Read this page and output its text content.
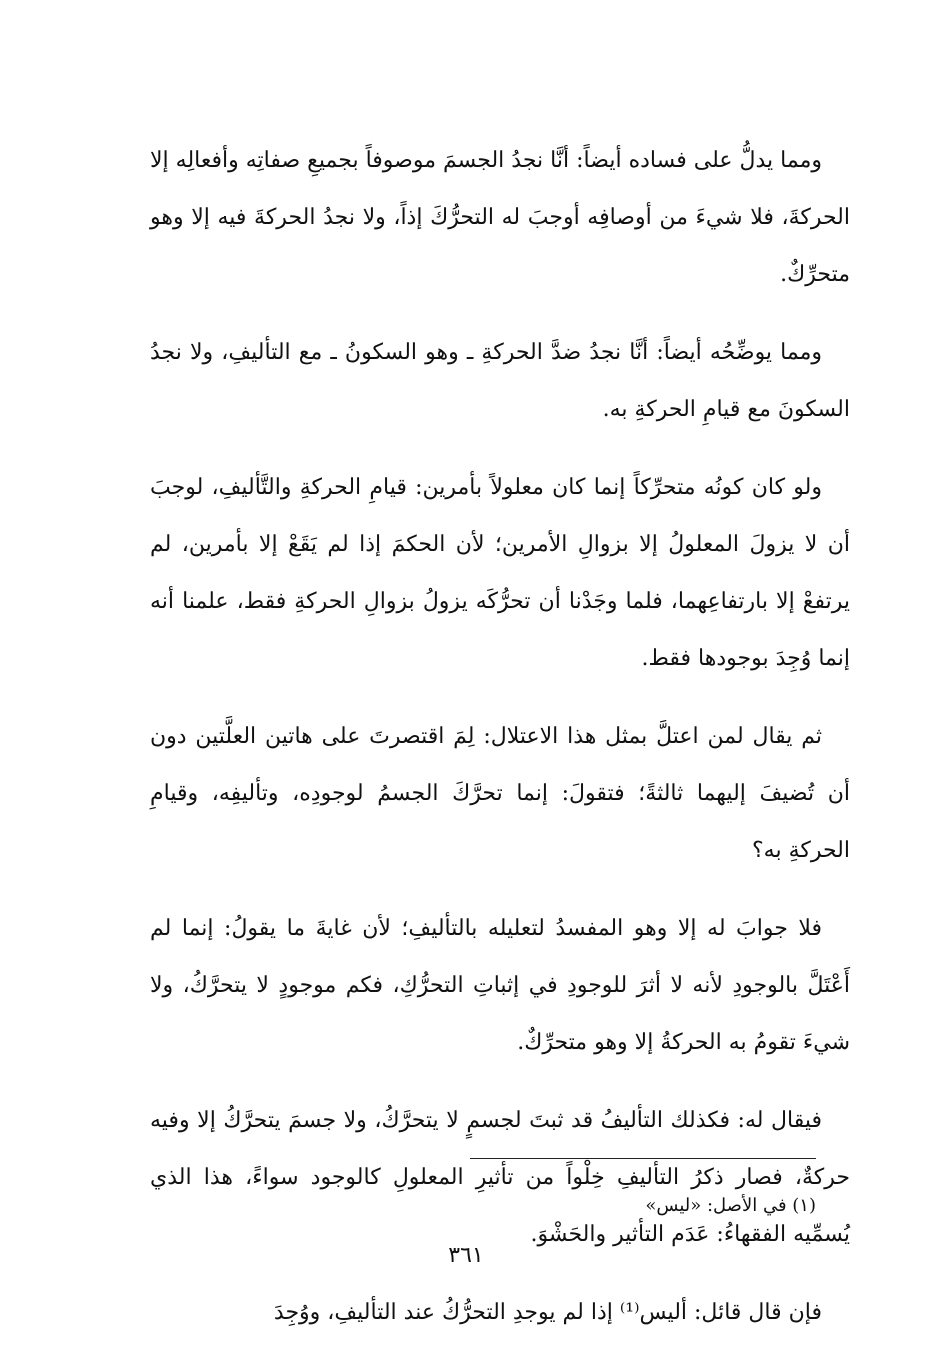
ومما يدلُّ على فساده أيضاً: أنَّا نجدُ الجسمَ موصوفاً بجميعِ صفاتِه وأفعالِه إلا الحركةَ، فلا شيءَ من أوصافِه أوجبَ له التحرُّكَ إذاً، ولا نجدُ الحركةَ فيه إلا وهو متحرِّكٌ.

ومما يوضِّحُه أيضاً: أنَّا نجدُ ضدَّ الحركةِ ـ وهو السكونُ ـ مع التأليفِ، ولا نجدُ السكونَ مع قيامِ الحركةِ به.

ولو كان كونُه متحرِّكاً إنما كان معلولاً بأمرين: قيامِ الحركةِ والتَّأليفِ، لوجبَ أن لا يزولَ المعلولُ إلا بزوالِ الأمرين؛ لأن الحكمَ إذا لم يَقَعْ إلا بأمرين، لم يرتفعْ إلا بارتفاعِهما، فلما وجَدْنا أن تحرُّكَه يزولُ بزوالِ الحركةِ فقط، علمنا أنه إنما وُجِدَ بوجودها فقط.

ثم يقال لمن اعتلَّ بمثل هذا الاعتلال: لِمَ اقتصرتَ على هاتين العلَّتين دون أن تُضيفَ إليهما ثالثةً؛ فتقولَ: إنما تحرَّكَ الجسمُ لوجودِه، وتأليفِه، وقيامِ الحركةِ به؟

فلا جوابَ له إلا وهو المفسدُ لتعليله بالتأليفِ؛ لأن غايةَ ما يقولُ: إنما لم أَعْتَلَّ بالوجودِ لأنه لا أثرَ للوجودِ في إثباتِ التحرُّكِ، فكم موجودٍ لا يتحرَّكُ، ولا شيءَ تقومُ به الحركةُ إلا وهو متحرِّكٌ.

فيقال له: فكذلك التأليفُ قد ثبتَ لجسمٍ لا يتحرَّكُ، ولا جسمَ يتحرَّكُ إلا وفيه حركةٌ، فصار ذكرُ التأليفِ خِلْواً من تأثيرِ المعلولِ كالوجود سواءً، هذا الذي يُسمِّيه الفقهاءُ: عَدَم التأثير والحَشْوَ.

فإن قال قائل: أليس⁽¹⁾ إذا لم يوجدِ التحرُّكُ عند التأليفِ، ووُجِدَ

(١) في الأصل: «ليس»

٣٦١
